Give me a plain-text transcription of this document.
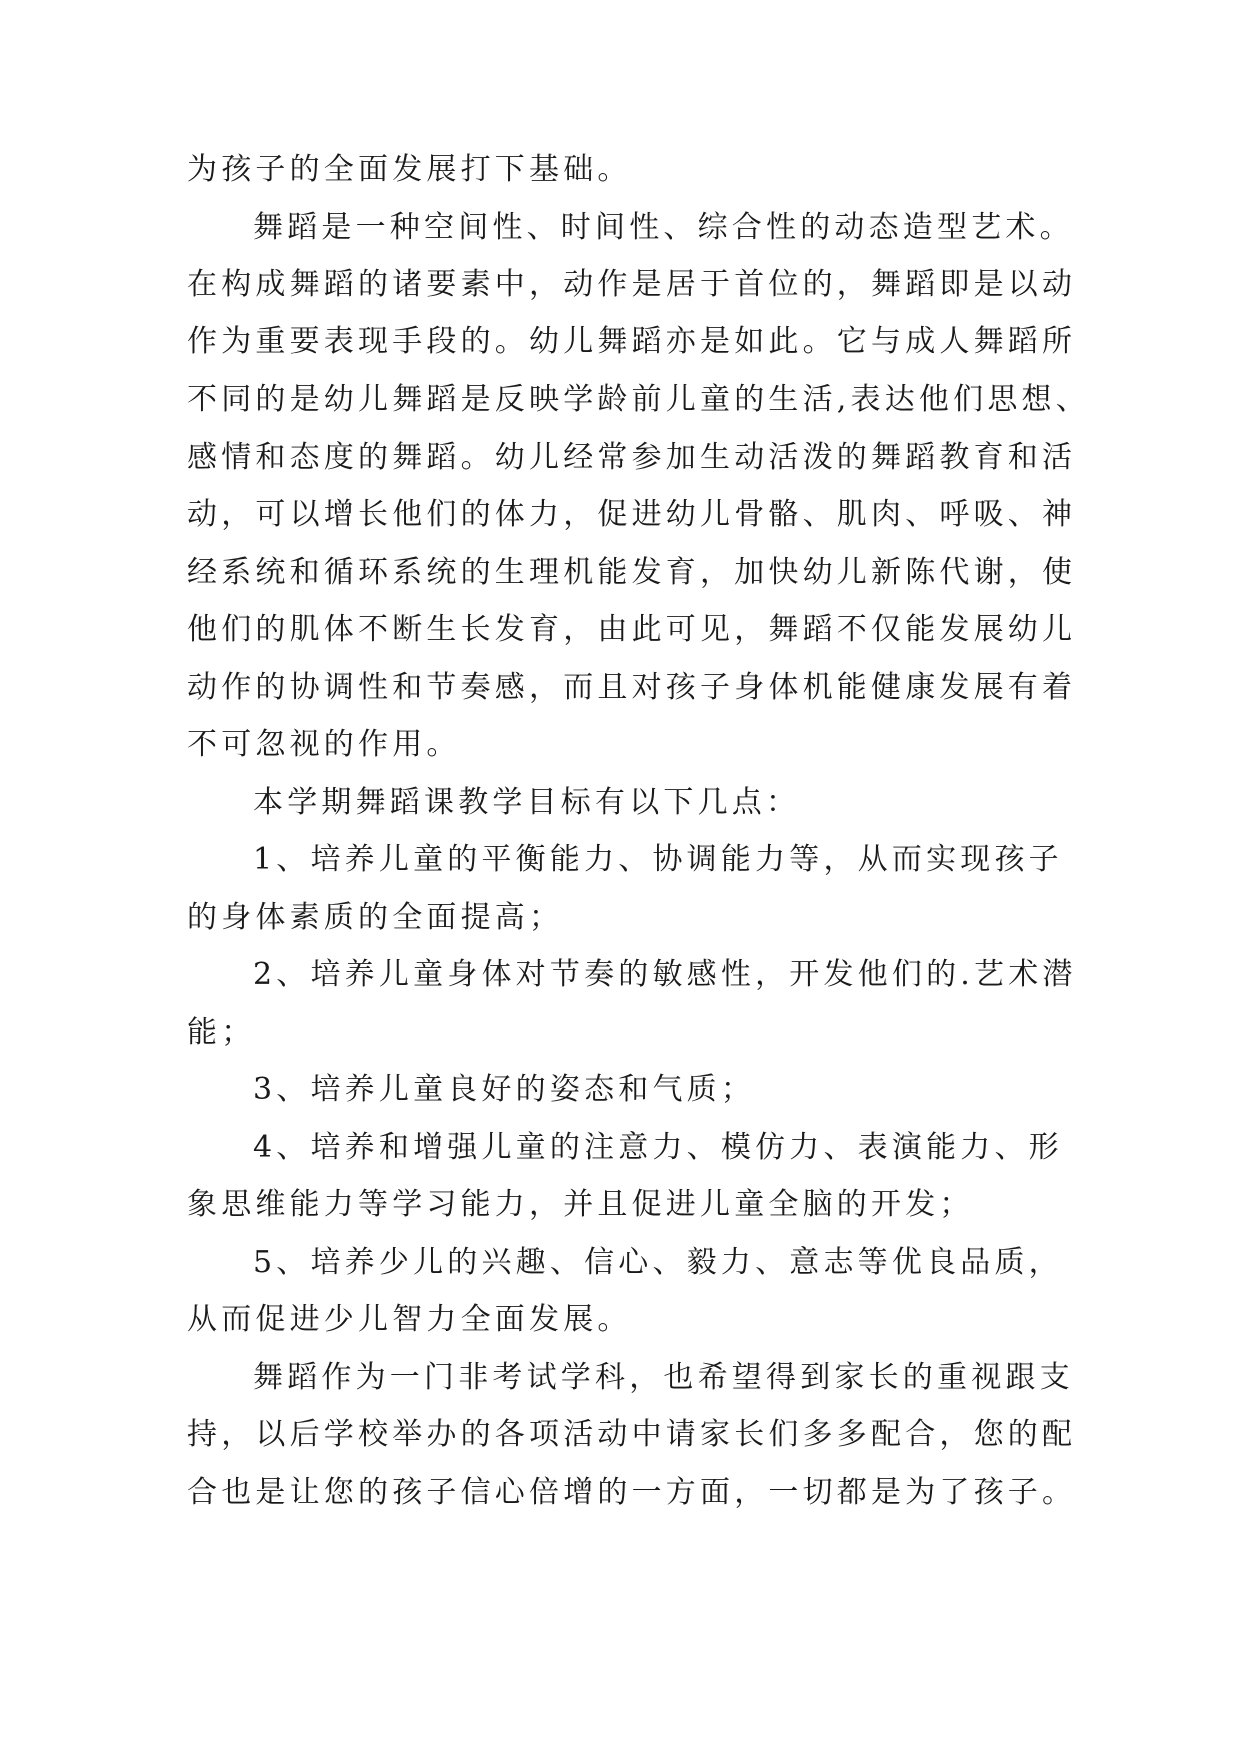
为孩子的全面发展打下基础。
舞蹈是一种空间性、时间性、综合性的动态造型艺术。
在构成舞蹈的诸要素中，动作是居于首位的，舞蹈即是以动
作为重要表现手段的。幼儿舞蹈亦是如此。它与成人舞蹈所
不同的是幼儿舞蹈是反映学龄前儿童的生活,表达他们思想、
感情和态度的舞蹈。幼儿经常参加生动活泼的舞蹈教育和活
动，可以增长他们的体力，促进幼儿骨骼、肌肉、呼吸、神
经系统和循环系统的生理机能发育，加快幼儿新陈代谢，使
他们的肌体不断生长发育，由此可见，舞蹈不仅能发展幼儿
动作的协调性和节奏感，而且对孩子身体机能健康发展有着
不可忽视的作用。
本学期舞蹈课教学目标有以下几点：
1、培养儿童的平衡能力、协调能力等，从而实现孩子
的身体素质的全面提高；
2、培养儿童身体对节奏的敏感性，开发他们的.艺术潜
能；
3、培养儿童良好的姿态和气质；
4、培养和增强儿童的注意力、模仿力、表演能力、形
象思维能力等学习能力，并且促进儿童全脑的开发；
5、培养少儿的兴趣、信心、毅力、意志等优良品质，
从而促进少儿智力全面发展。
舞蹈作为一门非考试学科，也希望得到家长的重视跟支
持，以后学校举办的各项活动中请家长们多多配合，您的配
合也是让您的孩子信心倍增的一方面，一切都是为了孩子。
